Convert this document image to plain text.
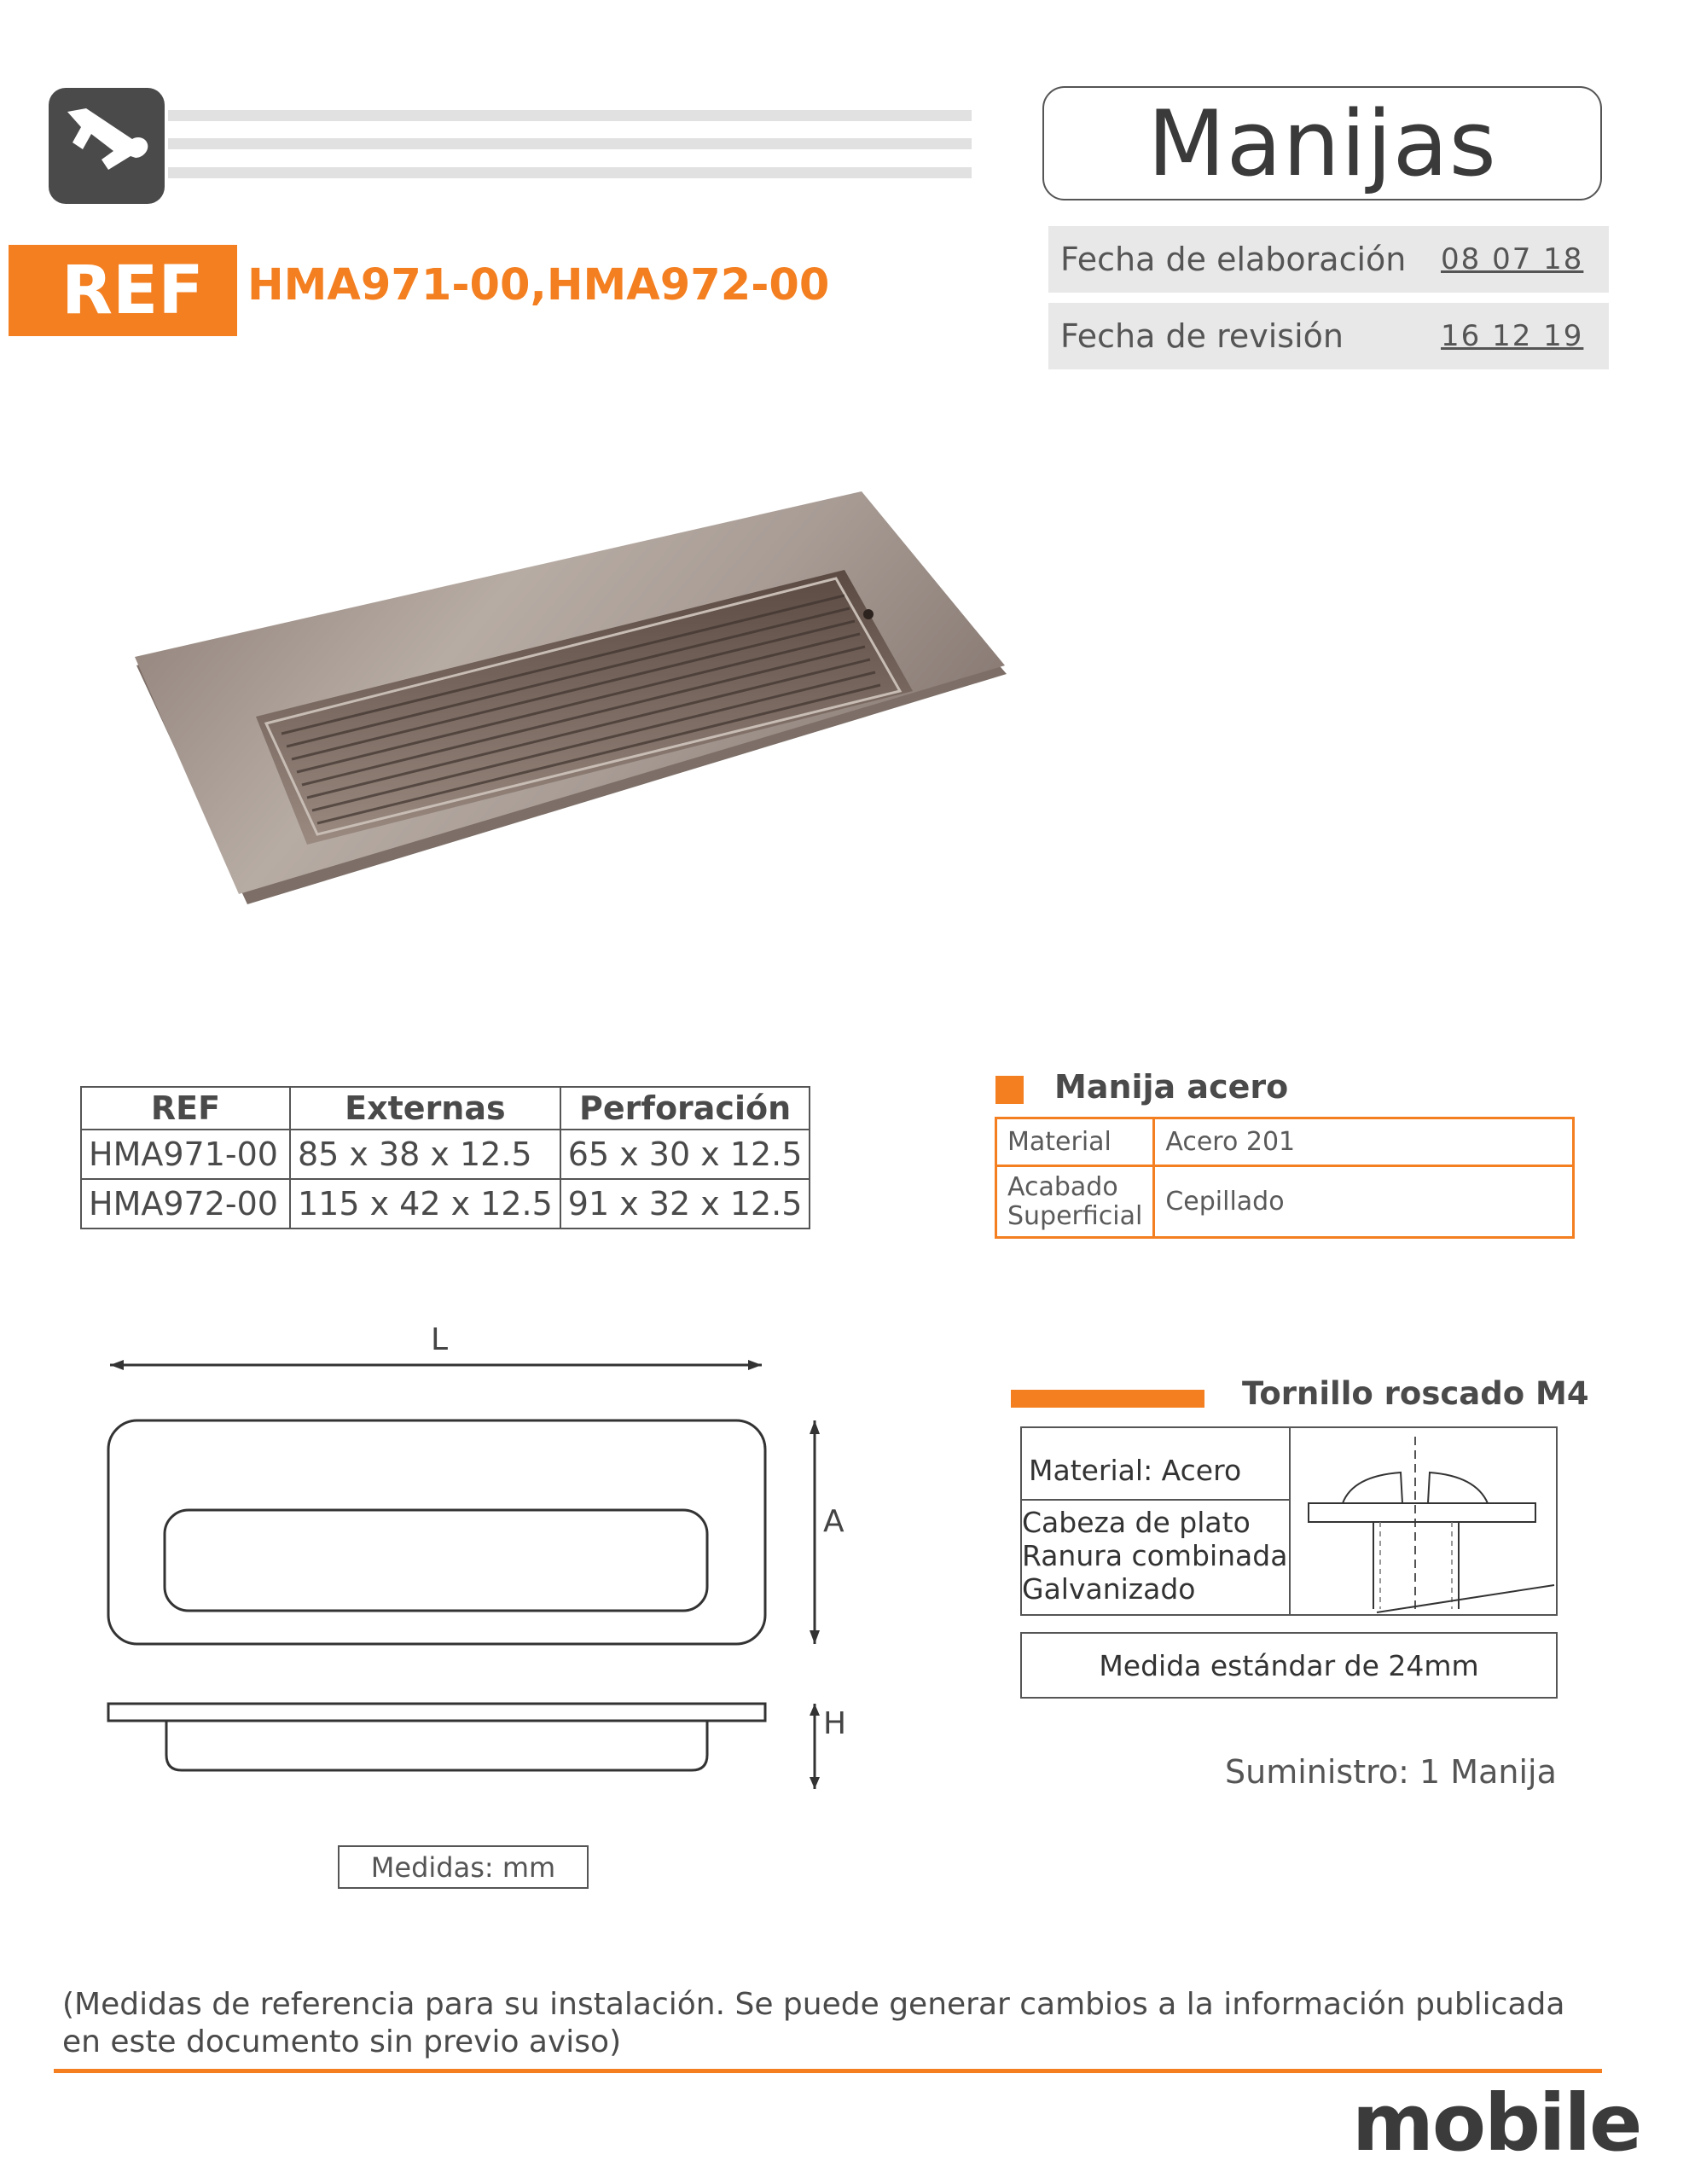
Manijas
REF	HMA971-00,HMA972-00
Fecha de elaboración 08 07 18
Fecha de revisión	16 12 19
REF	Externas	Perforación
HMA971-00	85 x 38 x 12.5	65 x 30 x 12.5
HMA972-00	115 x 42 x 12.5	91 x 32 x 12.5
Manija acero
Material	Acero 201
Acabado Superficial	Cepillado
L
A
H
Medidas: mm
Tornillo roscado M4
Material: Acero
Cabeza de plato
Ranura combinada
Galvanizado
Medida estándar de 24mm
Suministro: 1 Manija
(Medidas de referencia para su instalación. Se puede generar cambios a la información publicada en este documento sin previo aviso)
mobile
